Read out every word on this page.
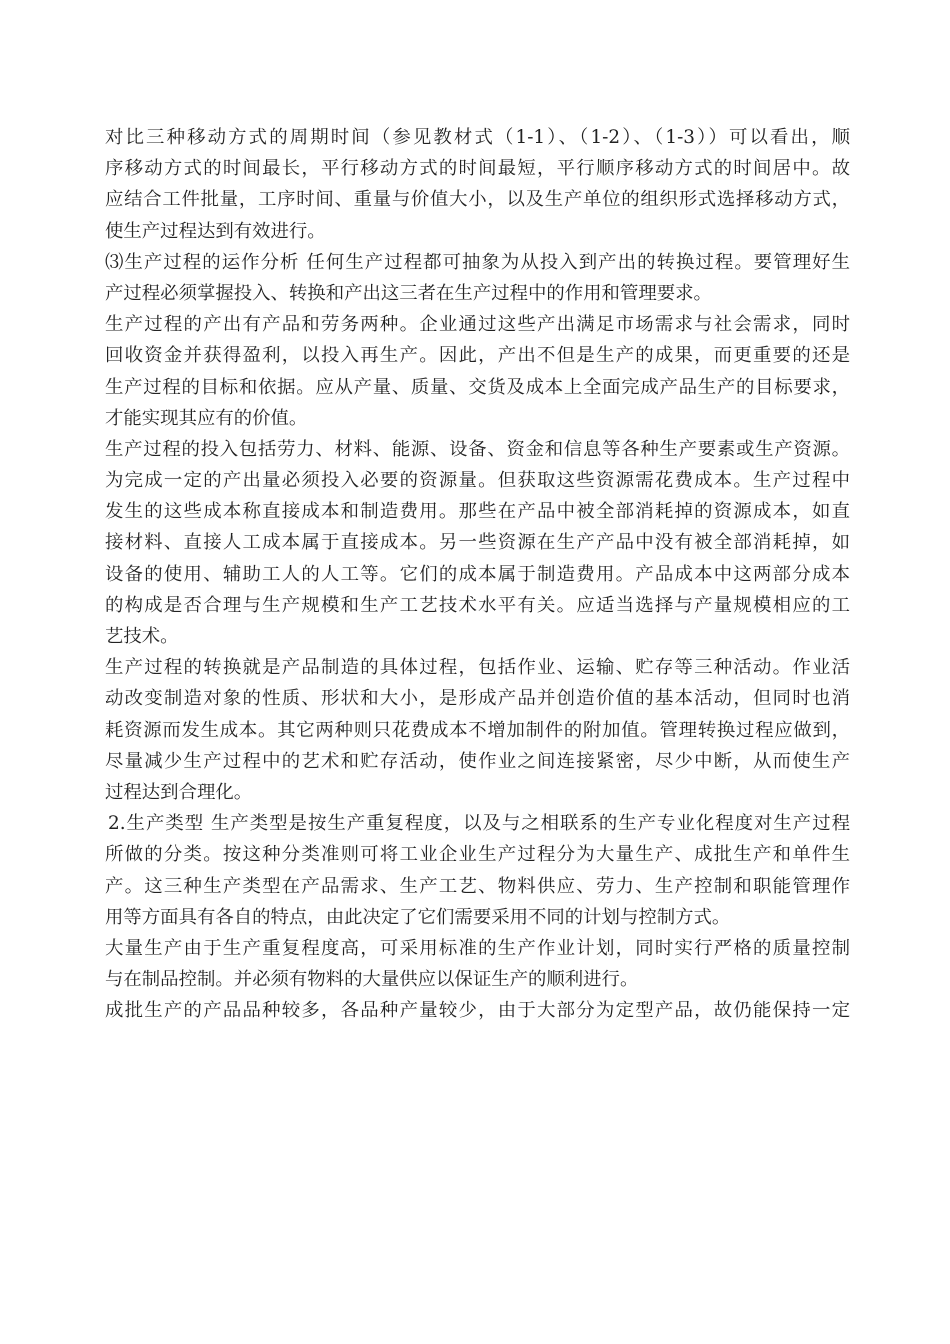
对比三种移动方式的周期时间（参见教材式（1-1）、（1-2）、（1-3））可以看出，顺
序移动方式的时间最长，平行移动方式的时间最短，平行顺序移动方式的时间居中。故
应结合工件批量，工序时间、重量与价值大小，以及生产单位的组织形式选择移动方式，
使生产过程达到有效进行。
⑶生产过程的运作分析 任何生产过程都可抽象为从投入到产出的转换过程。要管理好生
产过程必须掌握投入、转换和产出这三者在生产过程中的作用和管理要求。
生产过程的产出有产品和劳务两种。企业通过这些产出满足市场需求与社会需求，同时
回收资金并获得盈利，以投入再生产。因此，产出不但是生产的成果，而更重要的还是
生产过程的目标和依据。应从产量、质量、交货及成本上全面完成产品生产的目标要求，
才能实现其应有的价值。
生产过程的投入包括劳力、材料、能源、设备、资金和信息等各种生产要素或生产资源。
为完成一定的产出量必须投入必要的资源量。但获取这些资源需花费成本。生产过程中
发生的这些成本称直接成本和制造费用。那些在产品中被全部消耗掉的资源成本，如直
接材料、直接人工成本属于直接成本。另一些资源在生产产品中没有被全部消耗掉，如
设备的使用、辅助工人的人工等。它们的成本属于制造费用。产品成本中这两部分成本
的构成是否合理与生产规模和生产工艺技术水平有关。应适当选择与产量规模相应的工
艺技术。
生产过程的转换就是产品制造的具体过程，包括作业、运输、贮存等三种活动。作业活
动改变制造对象的性质、形状和大小，是形成产品并创造价值的基本活动，但同时也消
耗资源而发生成本。其它两种则只花费成本不增加制件的附加值。管理转换过程应做到，
尽量减少生产过程中的艺术和贮存活动，使作业之间连接紧密，尽少中断，从而使生产
过程达到合理化。
2.生产类型 生产类型是按生产重复程度，以及与之相联系的生产专业化程度对生产过程
所做的分类。按这种分类准则可将工业企业生产过程分为大量生产、成批生产和单件生
产。这三种生产类型在产品需求、生产工艺、物料供应、劳力、生产控制和职能管理作
用等方面具有各自的特点，由此决定了它们需要采用不同的计划与控制方式。
大量生产由于生产重复程度高，可采用标准的生产作业计划，同时实行严格的质量控制
与在制品控制。并必须有物料的大量供应以保证生产的顺利进行。
成批生产的产品品种较多，各品种产量较少，由于大部分为定型产品，故仍能保持一定
